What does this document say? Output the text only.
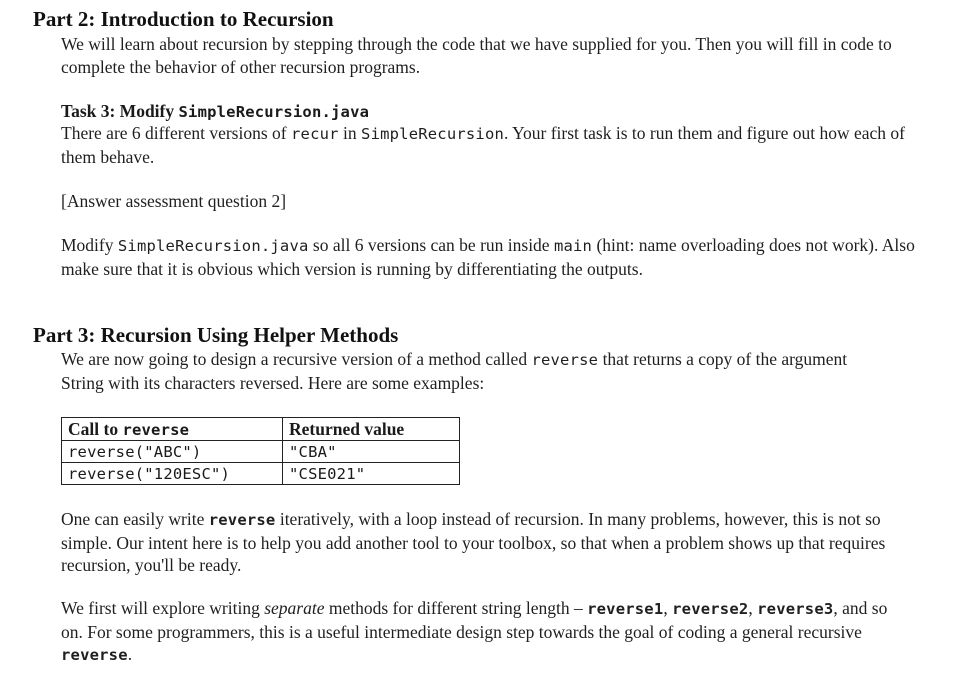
Part 2: Introduction to Recursion
We will learn about recursion by stepping through the code that we have supplied for you. Then you will fill in code to complete the behavior of other recursion programs.
Task 3: Modify SimpleRecursion.java
There are 6 different versions of recur in SimpleRecursion. Your first task is to run them and figure out how each of them behave.
[Answer assessment question 2]
Modify SimpleRecursion.java so all 6 versions can be run inside main (hint: name overloading does not work). Also make sure that it is obvious which version is running by differentiating the outputs.
Part 3: Recursion Using Helper Methods
We are now going to design a recursive version of a method called reverse that returns a copy of the argument String with its characters reversed. Here are some examples:
Call to reverse	Returned value
reverse("ABC")	"CBA"
reverse("120ESC")	"CSE021"
One can easily write reverse iteratively, with a loop instead of recursion. In many problems, however, this is not so simple. Our intent here is to help you add another tool to your toolbox, so that when a problem shows up that requires recursion, you'll be ready.
We first will explore writing separate methods for different string length – reverse1, reverse2, reverse3, and so on. For some programmers, this is a useful intermediate design step towards the goal of coding a general recursive reverse.
